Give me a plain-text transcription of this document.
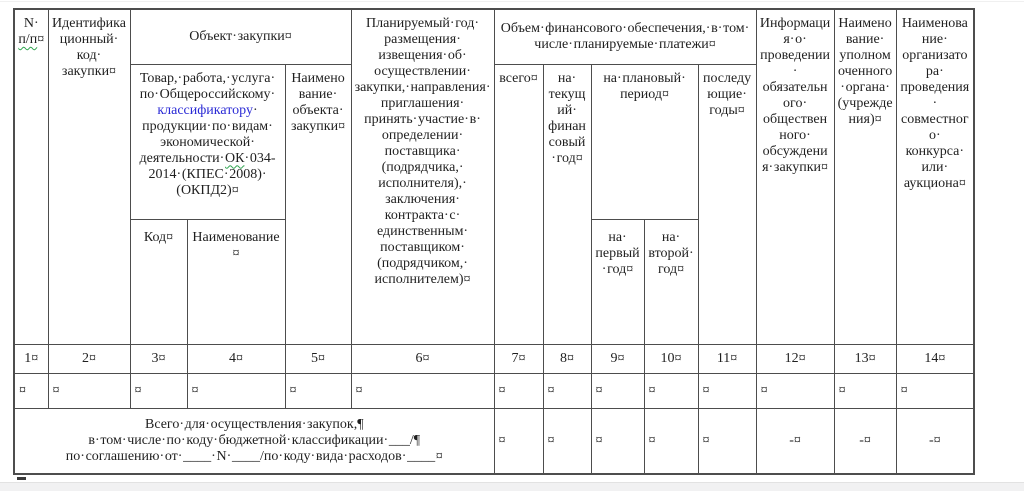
N· п/п¤	Идентификационный· код· закупки¤	Объект· закупки¤			Планируемый· год· размещения· извещения· об· осуществлении· закупки,· направления· приглашения· принять· участие· в· определении· поставщика· (подрядчика,· исполнителя),· заключения· контракта· с· единственным· поставщиком· (подрядчиком,· исполнителем)¤	Объем· финансового· обеспечения,· в· том· числе· планируемые· платежи¤					Информация· о· проведении· обязательного· общественного· обсуждения· закупки¤	Наименование· уполномоченного· органа· (учреждения)¤	Наименование· организатора· проведения· совместного· конкурса· или· аукциона¤
		Товар,· работа,· услуга· по· Общероссийскому· классификатору· продукции· по· видам· экономической· деятельности· ОК· 034-2014· (КПЕС· 2008)· (ОКПД2)¤		Наименование· объекта· закупки¤		всего¤	на· текущий· финансовый· год¤	на· плановый· период¤		последующие· годы¤			
		Код¤	Наименование¤					на· первый· год¤	на· второй· год¤				
1¤	2¤	3¤	4¤	5¤	6¤	7¤	8¤	9¤	10¤	11¤	12¤	13¤	14¤
¤	¤	¤	¤	¤	¤	¤	¤	¤	¤	¤	¤	¤	¤

Всего· для· осуществления· закупок,¶
в· том· числе· по· коду· бюджетной· классификации· ___/¶
по· соглашению· от· ____· N· ____/по· коду· вида· расходов· ____ ¤						¤	¤	¤	¤	¤	-¤	-¤	-¤
